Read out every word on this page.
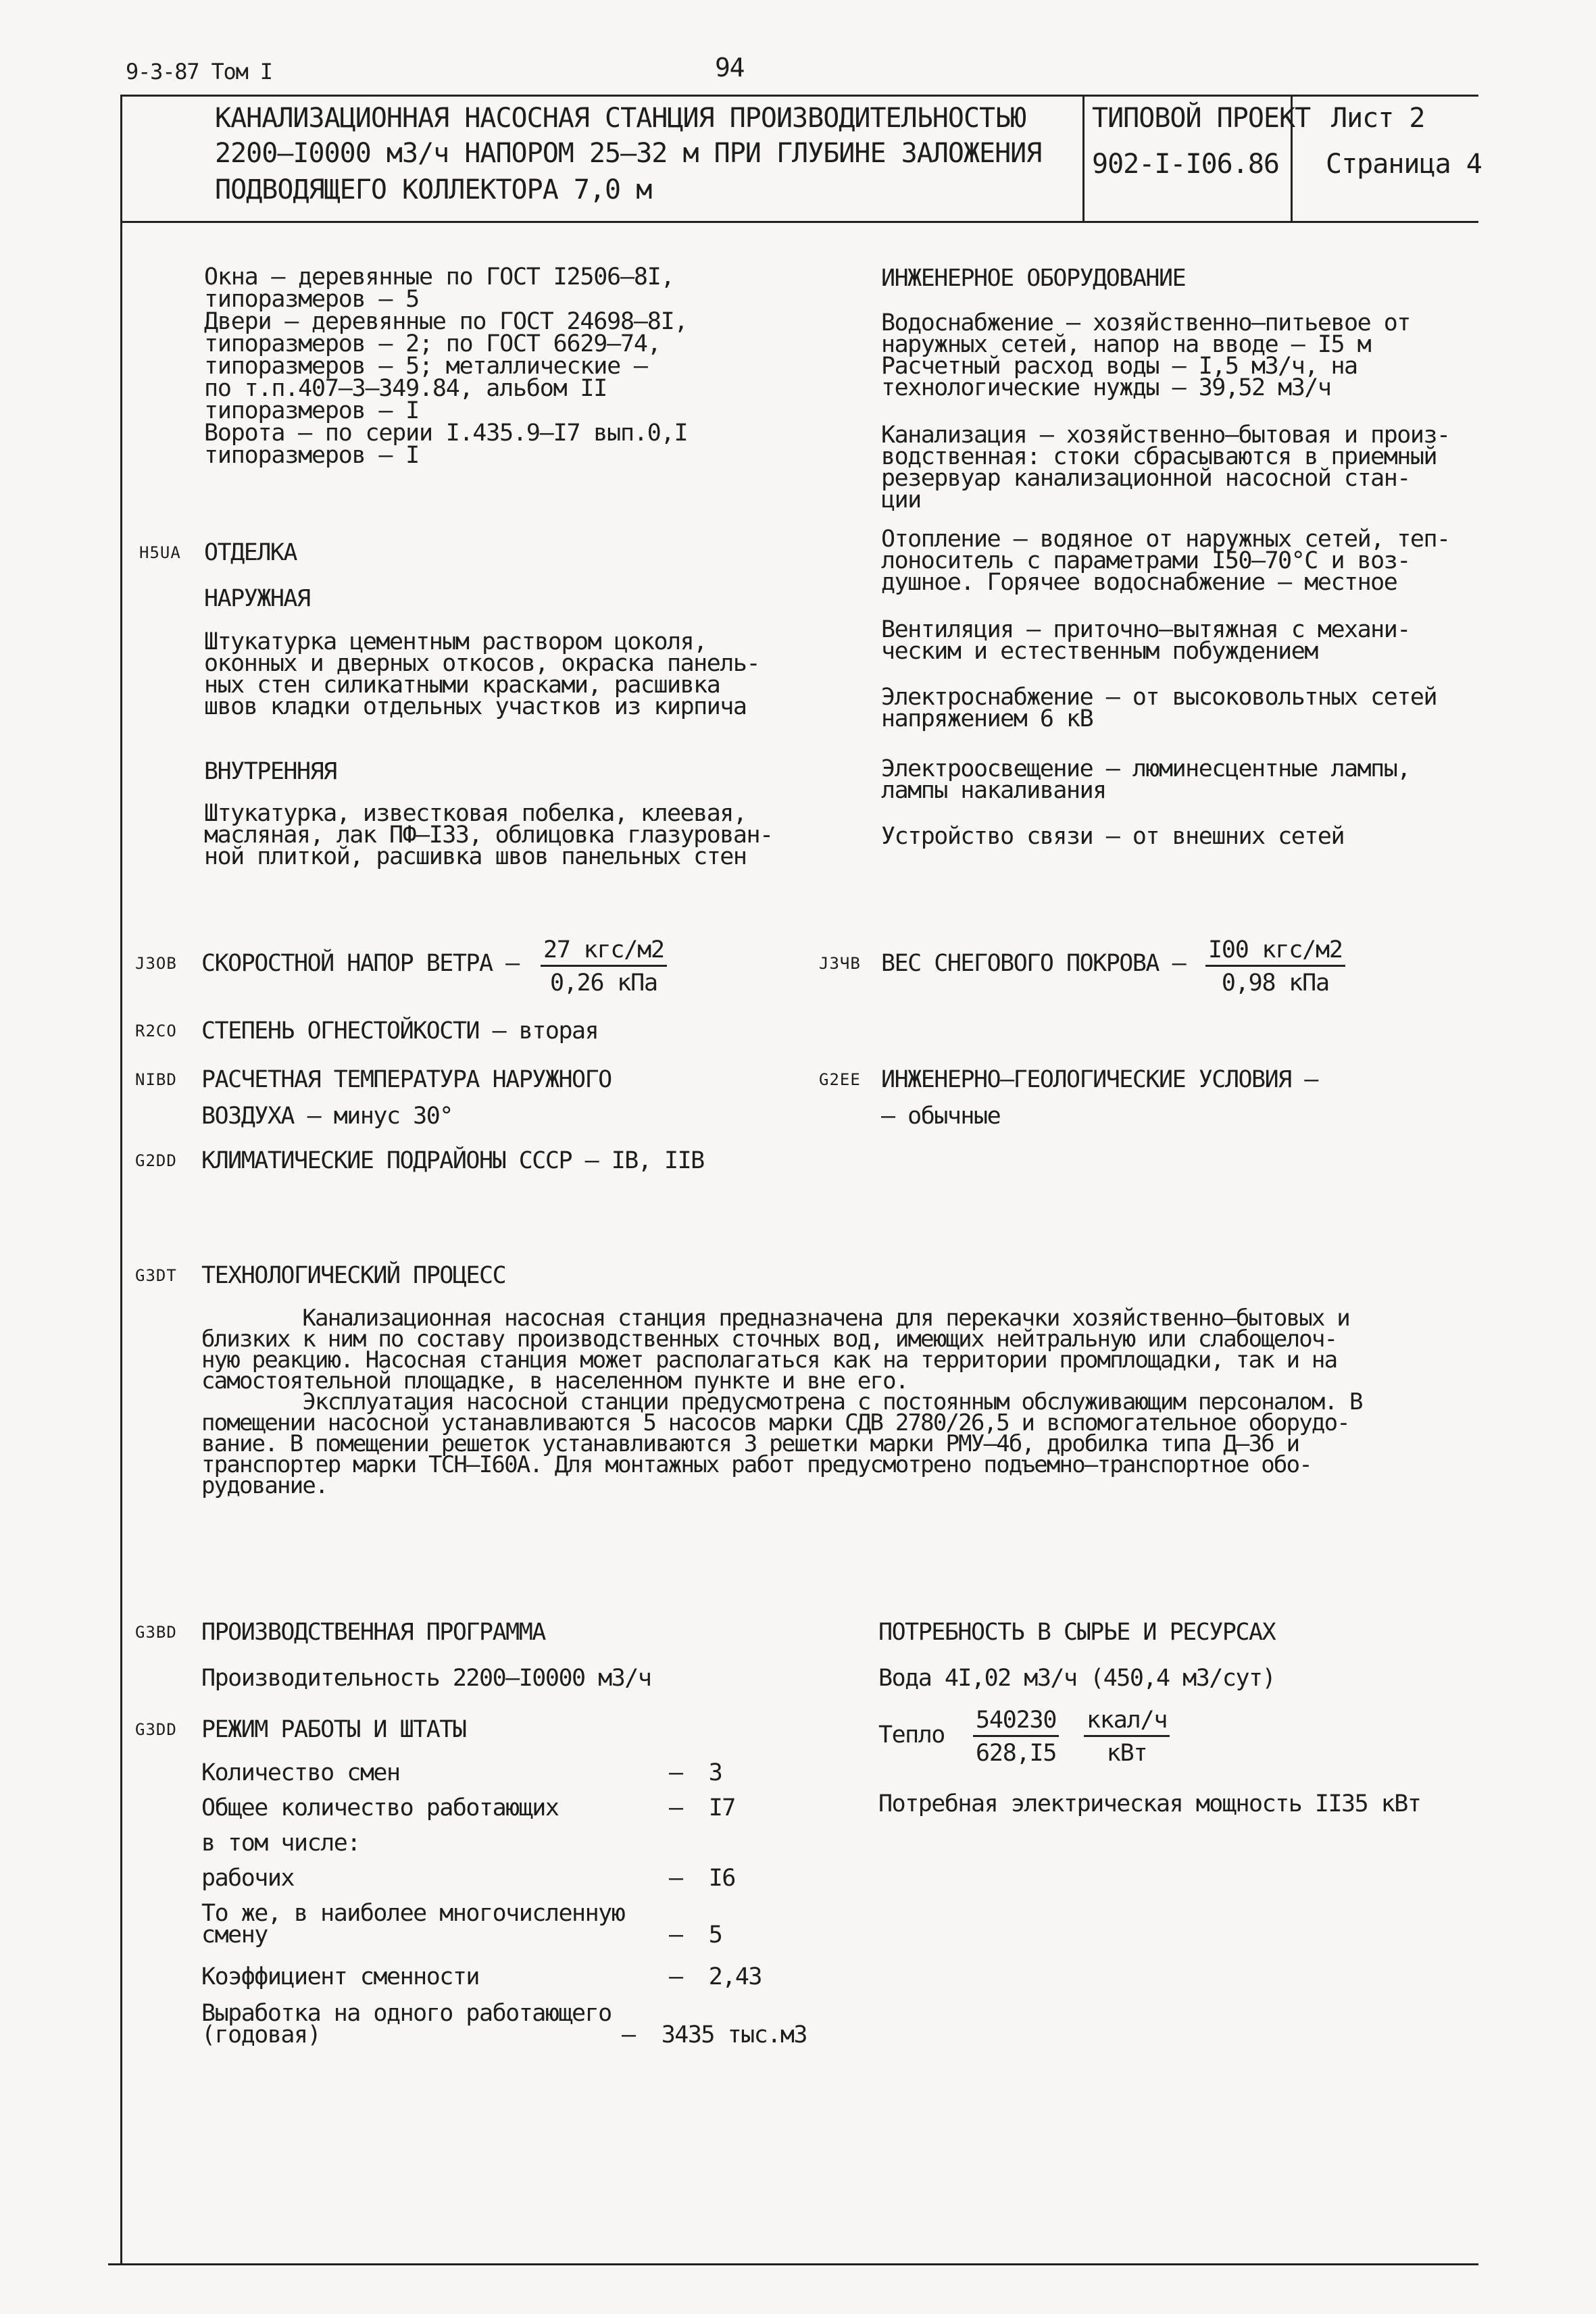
9-3-87 Том I	94
КАНАЛИЗАЦИОННАЯ НАСОСНАЯ СТАНЦИЯ ПРОИЗВОДИТЕЛЬНОСТЬЮ
2200–I0000 м3/ч НАПОРОМ 25–32 м ПРИ ГЛУБИНЕ ЗАЛОЖЕНИЯ
ПОДВОДЯЩЕГО КОЛЛЕКТОРА 7,0 м
ТИПОВОЙ ПРОЕКТ
902-I-I06.86
Лист 2
Страница 4
Окна – деревянные по ГОСТ I2506–8I,
типоразмеров – 5
Двери – деревянные по ГОСТ 24698–8I,
типоразмеров – 2; по ГОСТ 6629–74,
типоразмеров – 5; металлические –
по т.п.407–3–349.84, альбом II
типоразмеров – I
Ворота – по серии I.435.9–I7 вып.0,I
типоразмеров – I
H5UA ОТДЕЛКА
НАРУЖНАЯ
Штукатурка цементным раствором цоколя,
оконных и дверных откосов, окраска панель-
ных стен силикатными красками, расшивка
швов кладки отдельных участков из кирпича
ВНУТРЕННЯЯ
Штукатурка, известковая побелка, клеевая,
масляная, лак ПФ–I33, облицовка глазурован-
ной плиткой, расшивка швов панельных стен
ИНЖЕНЕРНОЕ ОБОРУДОВАНИЕ
Водоснабжение – хозяйственно–питьевое от
наружных сетей, напор на вводе – I5 м
Расчетный расход воды – I,5 м3/ч, на
технологические нужды – 39,52 м3/ч
Канализация – хозяйственно–бытовая и произ-
водственная: стоки сбрасываются в приемный
резервуар канализационной насосной стан-
ции
Отопление – водяное от наружных сетей, теп-
лоноситель с параметрами I50–70°С и воз-
душное. Горячее водоснабжение – местное
Вентиляция – приточно–вытяжная с механи-
ческим и естественным побуждением
Электроснабжение – от высоковольтных сетей
напряжением 6 кВ
Электроосвещение – люминесцентные лампы,
лампы накаливания
Устройство связи – от внешних сетей
J3OB СКОРОСТНОЙ НАПОР ВЕТРА – 27 кгс/м2
0,26 кПа
J3ЧB ВЕС СНЕГОВОГО ПОКРОВА – I00 кгс/м2
0,98 кПа
R2CO СТЕПЕНЬ ОГНЕСТОЙКОСТИ – вторая
NIBD РАСЧЕТНАЯ ТЕМПЕРАТУРА НАРУЖНОГО
ВОЗДУХА – минус 30°
G2EE ИНЖЕНЕРНО–ГЕОЛОГИЧЕСКИЕ УСЛОВИЯ –
– обычные
G2DD КЛИМАТИЧЕСКИЕ ПОДРАЙОНЫ СССР – IB, IIB
G3DT ТЕХНОЛОГИЧЕСКИЙ ПРОЦЕСС
Канализационная насосная станция предназначена для перекачки хозяйственно–бытовых и
близких к ним по составу производственных сточных вод, имеющих нейтральную или слабощелоч-
ную реакцию. Насосная станция может располагаться как на территории промплощадки, так и на
самостоятельной площадке, в населенном пункте и вне его.
Эксплуатация насосной станции предусмотрена с постоянным обслуживающим персоналом. В
помещении насосной устанавливаются 5 насосов марки СДВ 2780/26,5 и вспомогательное оборудо-
вание. В помещении решеток устанавливаются 3 решетки марки РМУ–4б, дробилка типа Д–3б и
транспортер марки ТСН–I60А. Для монтажных работ предусмотрено подъемно–транспортное обо-
рудование.
G3BD ПРОИЗВОДСТВЕННАЯ ПРОГРАММА
Производительность 2200–I0000 м3/ч
G3DD РЕЖИМ РАБОТЫ И ШТАТЫ
Количество смен	–  3
Общее количество работающих	–  I7
в том числе:
рабочих	–  I6
То же, в наиболее многочисленную
смену	–  5
Коэффициент сменности	–  2,43
Выработка на одного работающего
(годовая)	–  3435 тыс.м3
ПОТРЕБНОСТЬ В СЫРЬЕ И РЕСУРСАХ
Вода 4I,02 м3/ч (450,4 м3/сут)
Тепло $\frac{540230}{628,I5}$ ккал/ч
кВт
Потребная электрическая мощность II35 кВт
